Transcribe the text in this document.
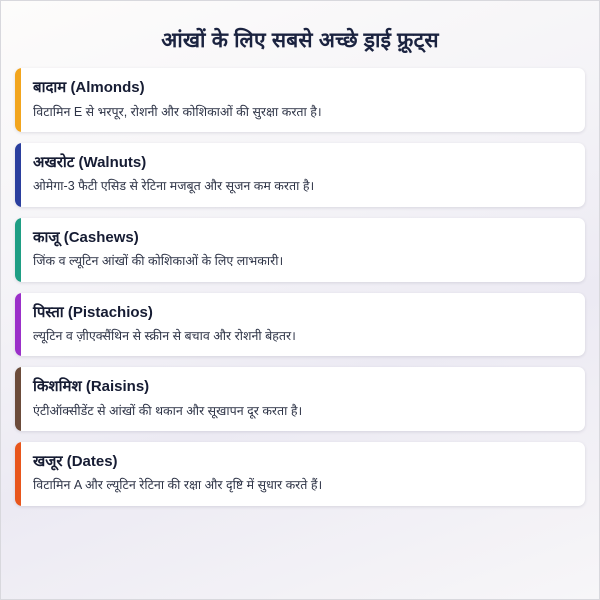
आंखों के लिए सबसे अच्छे ड्राई फ़्रूट्स
बादाम (Almonds)
विटामिन E से भरपूर, रोशनी और कोशिकाओं की सुरक्षा करता है।
अखरोट (Walnuts)
ओमेगा-3 फैटी एसिड से रेटिना मजबूत और सूजन कम करता है।
काजू (Cashews)
जिंक व ल्यूटिन आंखों की कोशिकाओं के लिए लाभकारी।
पिस्ता (Pistachios)
ल्यूटिन व ज़ीएक्सैंथिन से स्क्रीन से बचाव और रोशनी बेहतर।
किशमिश (Raisins)
एंटीऑक्सीडेंट से आंखों की थकान और सूखापन दूर करता है।
खजूर (Dates)
विटामिन A और ल्यूटिन रेटिना की रक्षा और दृष्टि में सुधार करते हैं।
